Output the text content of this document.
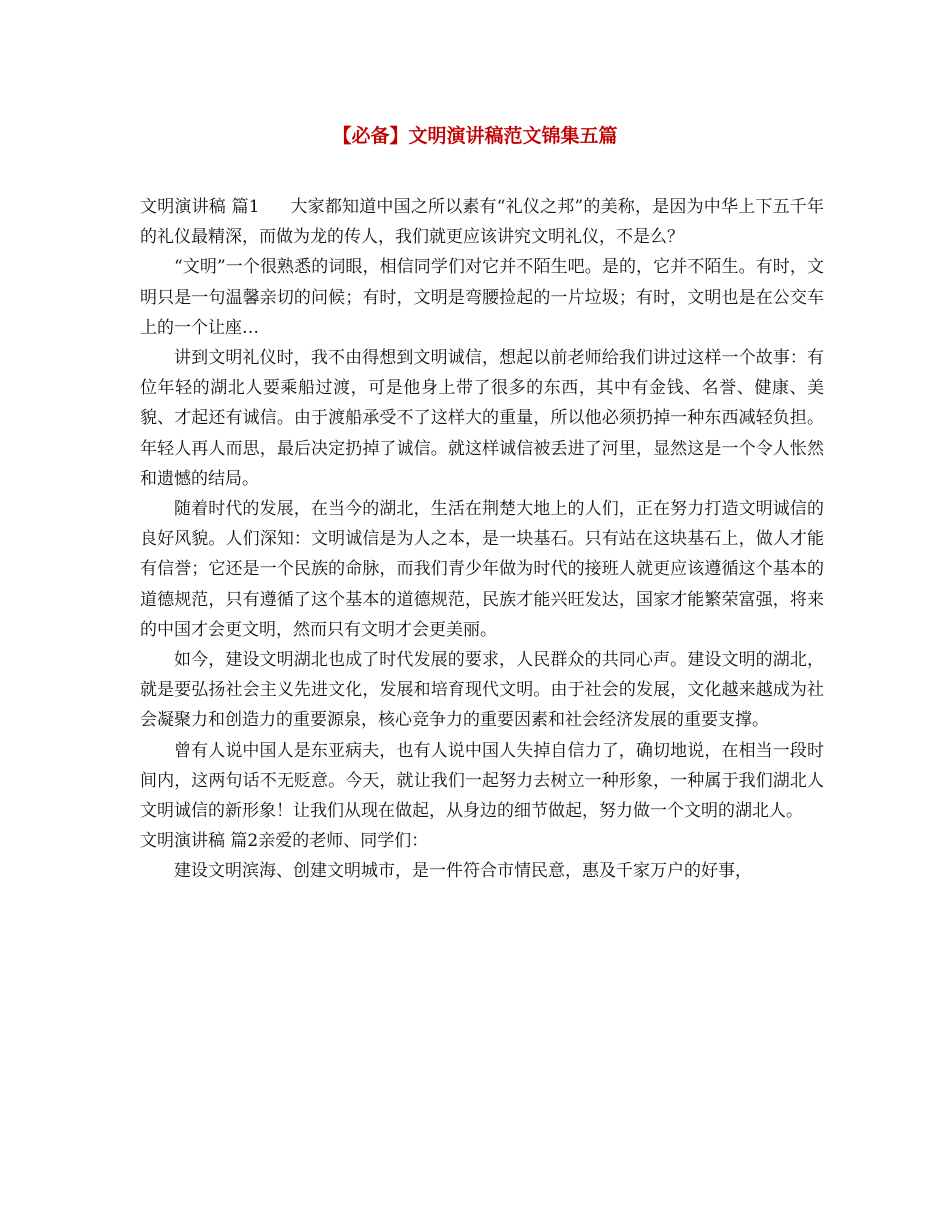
【必备】文明演讲稿范文锦集五篇

文明演讲稿 篇1 大家都知道中国之所以素有“礼仪之邦”的美称，是因为中华上下五千年的礼仪最精深，而做为龙的传人，我们就更应该讲究文明礼仪，不是么？

“文明”一个很熟悉的词眼，相信同学们对它并不陌生吧。是的，它并不陌生。有时，文明只是一句温馨亲切的问候；有时，文明是弯腰捡起的一片垃圾；有时，文明也是在公交车上的一个让座…

讲到文明礼仪时，我不由得想到文明诚信，想起以前老师给我们讲过这样一个故事：有位年轻的湖北人要乘船过渡，可是他身上带了很多的东西，其中有金钱、名誉、健康、美貌、才起还有诚信。由于渡船承受不了这样大的重量，所以他必须扔掉一种东西减轻负担。年轻人再人而思，最后决定扔掉了诚信。就这样诚信被丢进了河里，显然这是一个令人怅然和遗憾的结局。

随着时代的发展，在当今的湖北，生活在荆楚大地上的人们，正在努力打造文明诚信的良好风貌。人们深知：文明诚信是为人之本，是一块基石。只有站在这块基石上，做人才能有信誉；它还是一个民族的命脉，而我们青少年做为时代的接班人就更应该遵循这个基本的道德规范，只有遵循了这个基本的道德规范，民族才能兴旺发达，国家才能繁荣富强，将来的中国才会更文明，然而只有文明才会更美丽。

如今，建设文明湖北也成了时代发展的要求，人民群众的共同心声。建设文明的湖北，就是要弘扬社会主义先进文化，发展和培育现代文明。由于社会的发展，文化越来越成为社会凝聚力和创造力的重要源泉，核心竞争力的重要因素和社会经济发展的重要支撑。

曾有人说中国人是东亚病夫，也有人说中国人失掉自信力了，确切地说，在相当一段时间内，这两句话不无贬意。今天，就让我们一起努力去树立一种形象，一种属于我们湖北人文明诚信的新形象！让我们从现在做起，从身边的细节做起，努力做一个文明的湖北人。

文明演讲稿 篇2亲爱的老师、同学们：

建设文明滨海、创建文明城市，是一件符合市情民意，惠及千家万户的好事，
